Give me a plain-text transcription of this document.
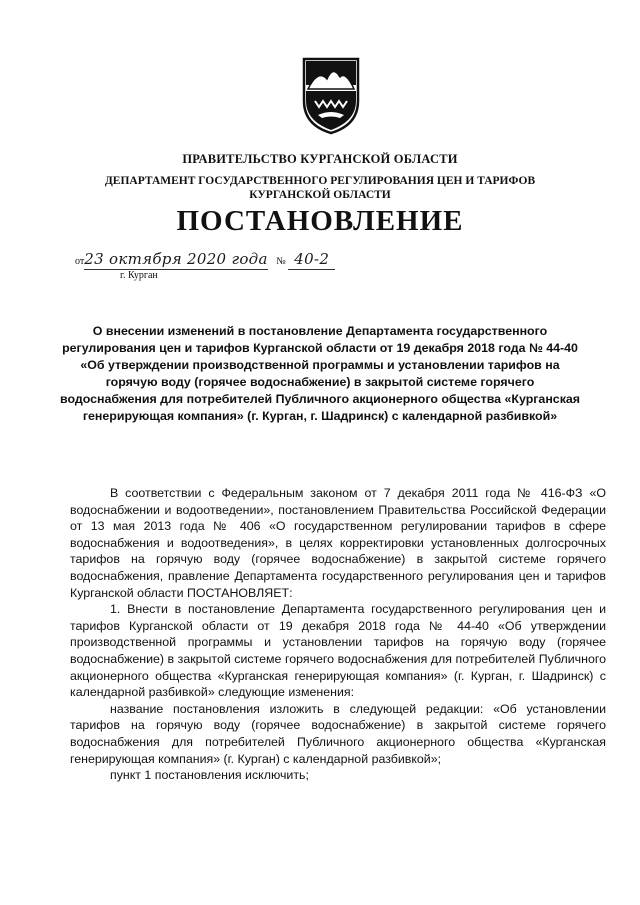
ПРАВИТЕЛЬСТВО КУРГАНСКОЙ ОБЛАСТИ
ДЕПАРТАМЕНТ ГОСУДАРСТВЕННОГО РЕГУЛИРОВАНИЯ ЦЕН И ТАРИФОВ КУРГАНСКОЙ ОБЛАСТИ
ПОСТАНОВЛЕНИЕ
от23 октября 2020 года № 40-2
г. Курган
О внесении изменений в постановление Департамента государственного регулирования цен и тарифов Курганской области от 19 декабря 2018 года № 44-40 «Об утверждении производственной программы и установлении тарифов на горячую воду (горячее водоснабжение) в закрытой системе горячего водоснабжения для потребителей Публичного акционерного общества «Курганская генерирующая компания» (г. Курган, г. Шадринск) с календарной разбивкой»

В соответствии с Федеральным законом от 7 декабря 2011 года № 416-ФЗ «О водоснабжении и водоотведении», постановлением Правительства Российской Федерации от 13 мая 2013 года № 406 «О государственном регулировании тарифов в сфере водоснабжения и водоотведения», в целях корректировки установленных долгосрочных тарифов на горячую воду (горячее водоснабжение) в закрытой системе горячего водоснабжения, правление Департамента государственного регулирования цен и тарифов Курганской области ПОСТАНОВЛЯЕТ:

1. Внести в постановление Департамента государственного регулирования цен и тарифов Курганской области от 19 декабря 2018 года № 44-40 «Об утверждении производственной программы и установлении тарифов на горячую воду (горячее водоснабжение) в закрытой системе горячего водоснабжения для потребителей Публичного акционерного общества «Курганская генерирующая компания» (г. Курган, г. Шадринск) с календарной разбивкой» следующие изменения:

название постановления изложить в следующей редакции: «Об установлении тарифов на горячую воду (горячее водоснабжение) в закрытой системе горячего водоснабжения для потребителей Публичного акционерного общества «Курганская генерирующая компания» (г. Курган) с календарной разбивкой»;

пункт 1 постановления исключить;
